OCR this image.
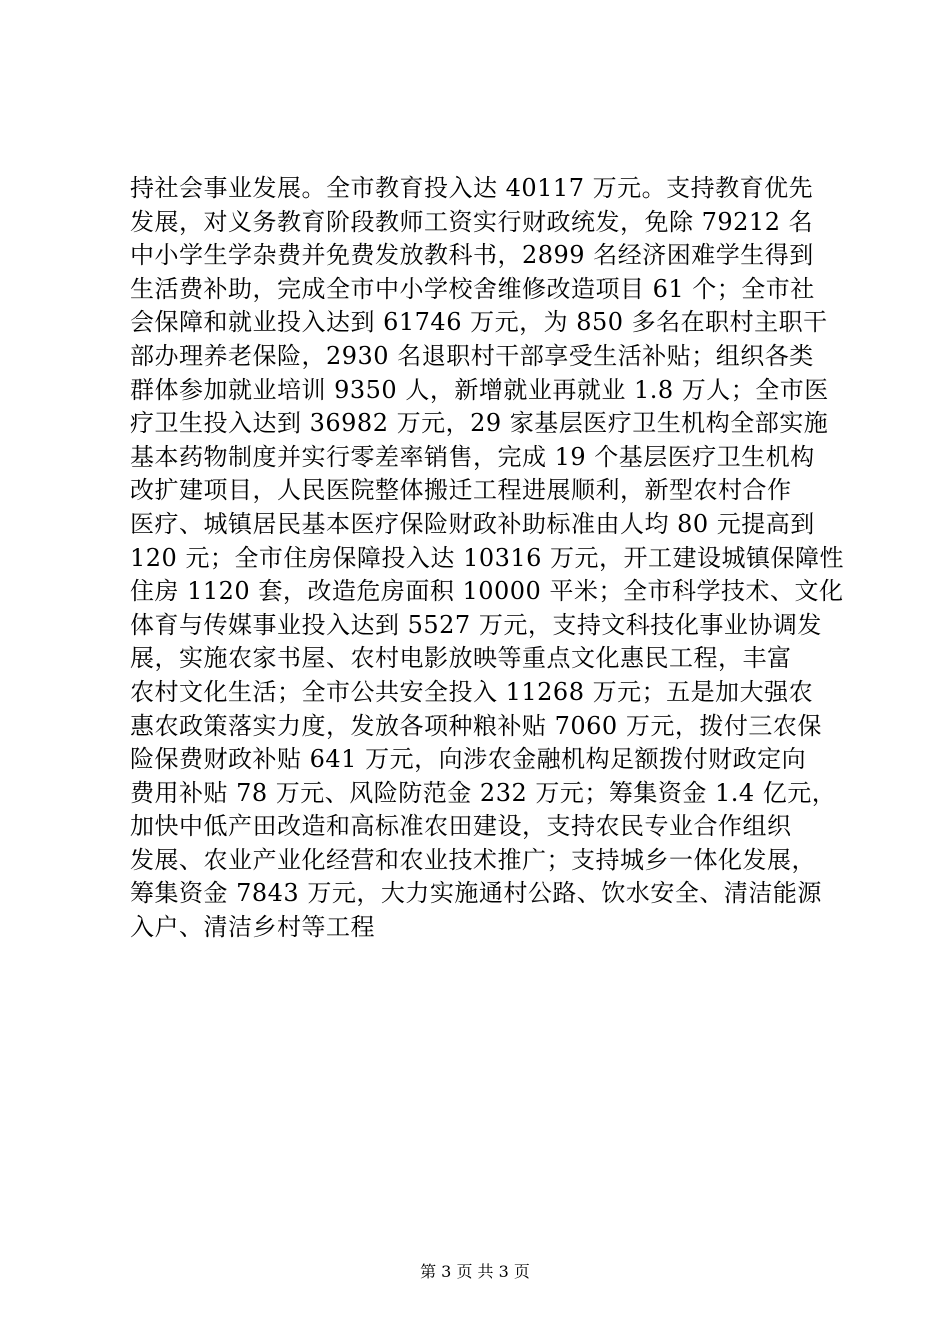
持社会事业发展。全市教育投入达 40117 万元。支持教育优先
发展，对义务教育阶段教师工资实行财政统发，免除 79212 名
中小学生学杂费并免费发放教科书，2899 名经济困难学生得到
生活费补助，完成全市中小学校舍维修改造项目 61 个；全市社
会保障和就业投入达到 61746 万元，为 850 多名在职村主职干
部办理养老保险，2930 名退职村干部享受生活补贴；组织各类
群体参加就业培训 9350 人，新增就业再就业 1.8 万人；全市医
疗卫生投入达到 36982 万元，29 家基层医疗卫生机构全部实施
基本药物制度并实行零差率销售，完成 19 个基层医疗卫生机构
改扩建项目，人民医院整体搬迁工程进展顺利，新型农村合作
医疗、城镇居民基本医疗保险财政补助标准由人均 80 元提高到
120 元；全市住房保障投入达 10316 万元，开工建设城镇保障性
住房 1120 套，改造危房面积 10000 平米；全市科学技术、文化
体育与传媒事业投入达到 5527 万元，支持文科技化事业协调发
展，实施农家书屋、农村电影放映等重点文化惠民工程，丰富
农村文化生活；全市公共安全投入 11268 万元；五是加大强农
惠农政策落实力度，发放各项种粮补贴 7060 万元，拨付三农保
险保费财政补贴 641 万元，向涉农金融机构足额拨付财政定向
费用补贴 78 万元、风险防范金 232 万元；筹集资金 1.4 亿元，
加快中低产田改造和高标准农田建设，支持农民专业合作组织
发展、农业产业化经营和农业技术推广；支持城乡一体化发展，
筹集资金 7843 万元，大力实施通村公路、饮水安全、清洁能源
入户、清洁乡村等工程
第 3 页 共 3 页
